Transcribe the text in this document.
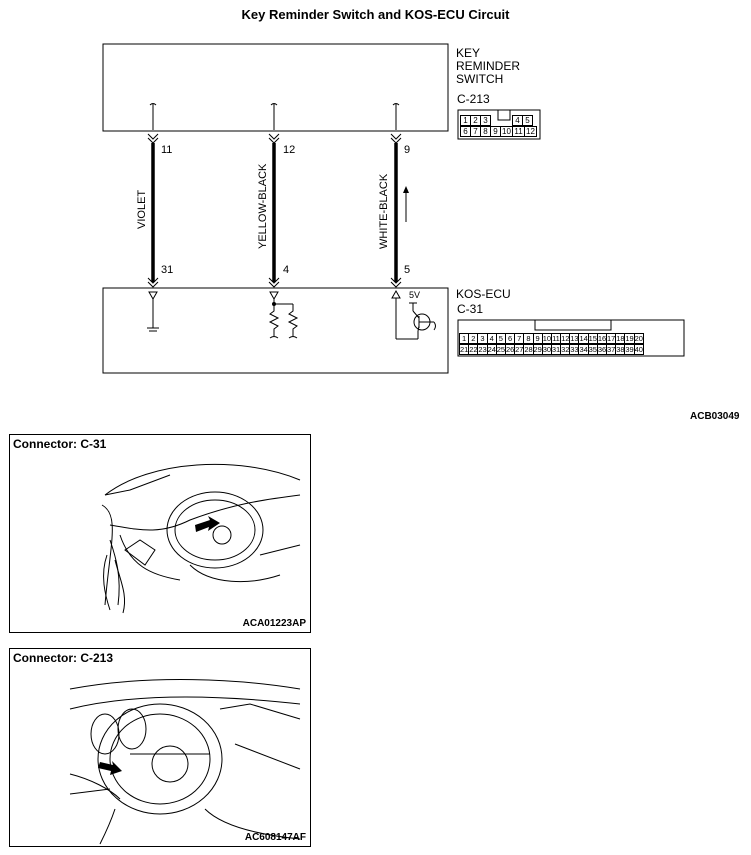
Key Reminder Switch and KOS-ECU Circuit
KEY
REMINDER
SWITCH
C-213
1 2 3	4 5
6 7 8 9 10 11 12
11	12	9
31	4	5
VIOLET	YELLOW-BLACK	WHITE-BLACK
KOS-ECU
C-31
5V
1 2 3 4 5 6 7 8 9 10 11 12 13 14 15 16 17 18 19 20
21 22 23 24 25 26 27 28 29 30 31 32 33 34 35 36 37 38 39 40
ACB03049
Connector: C-31
ACA01223AP
Connector: C-213
AC608147AF
